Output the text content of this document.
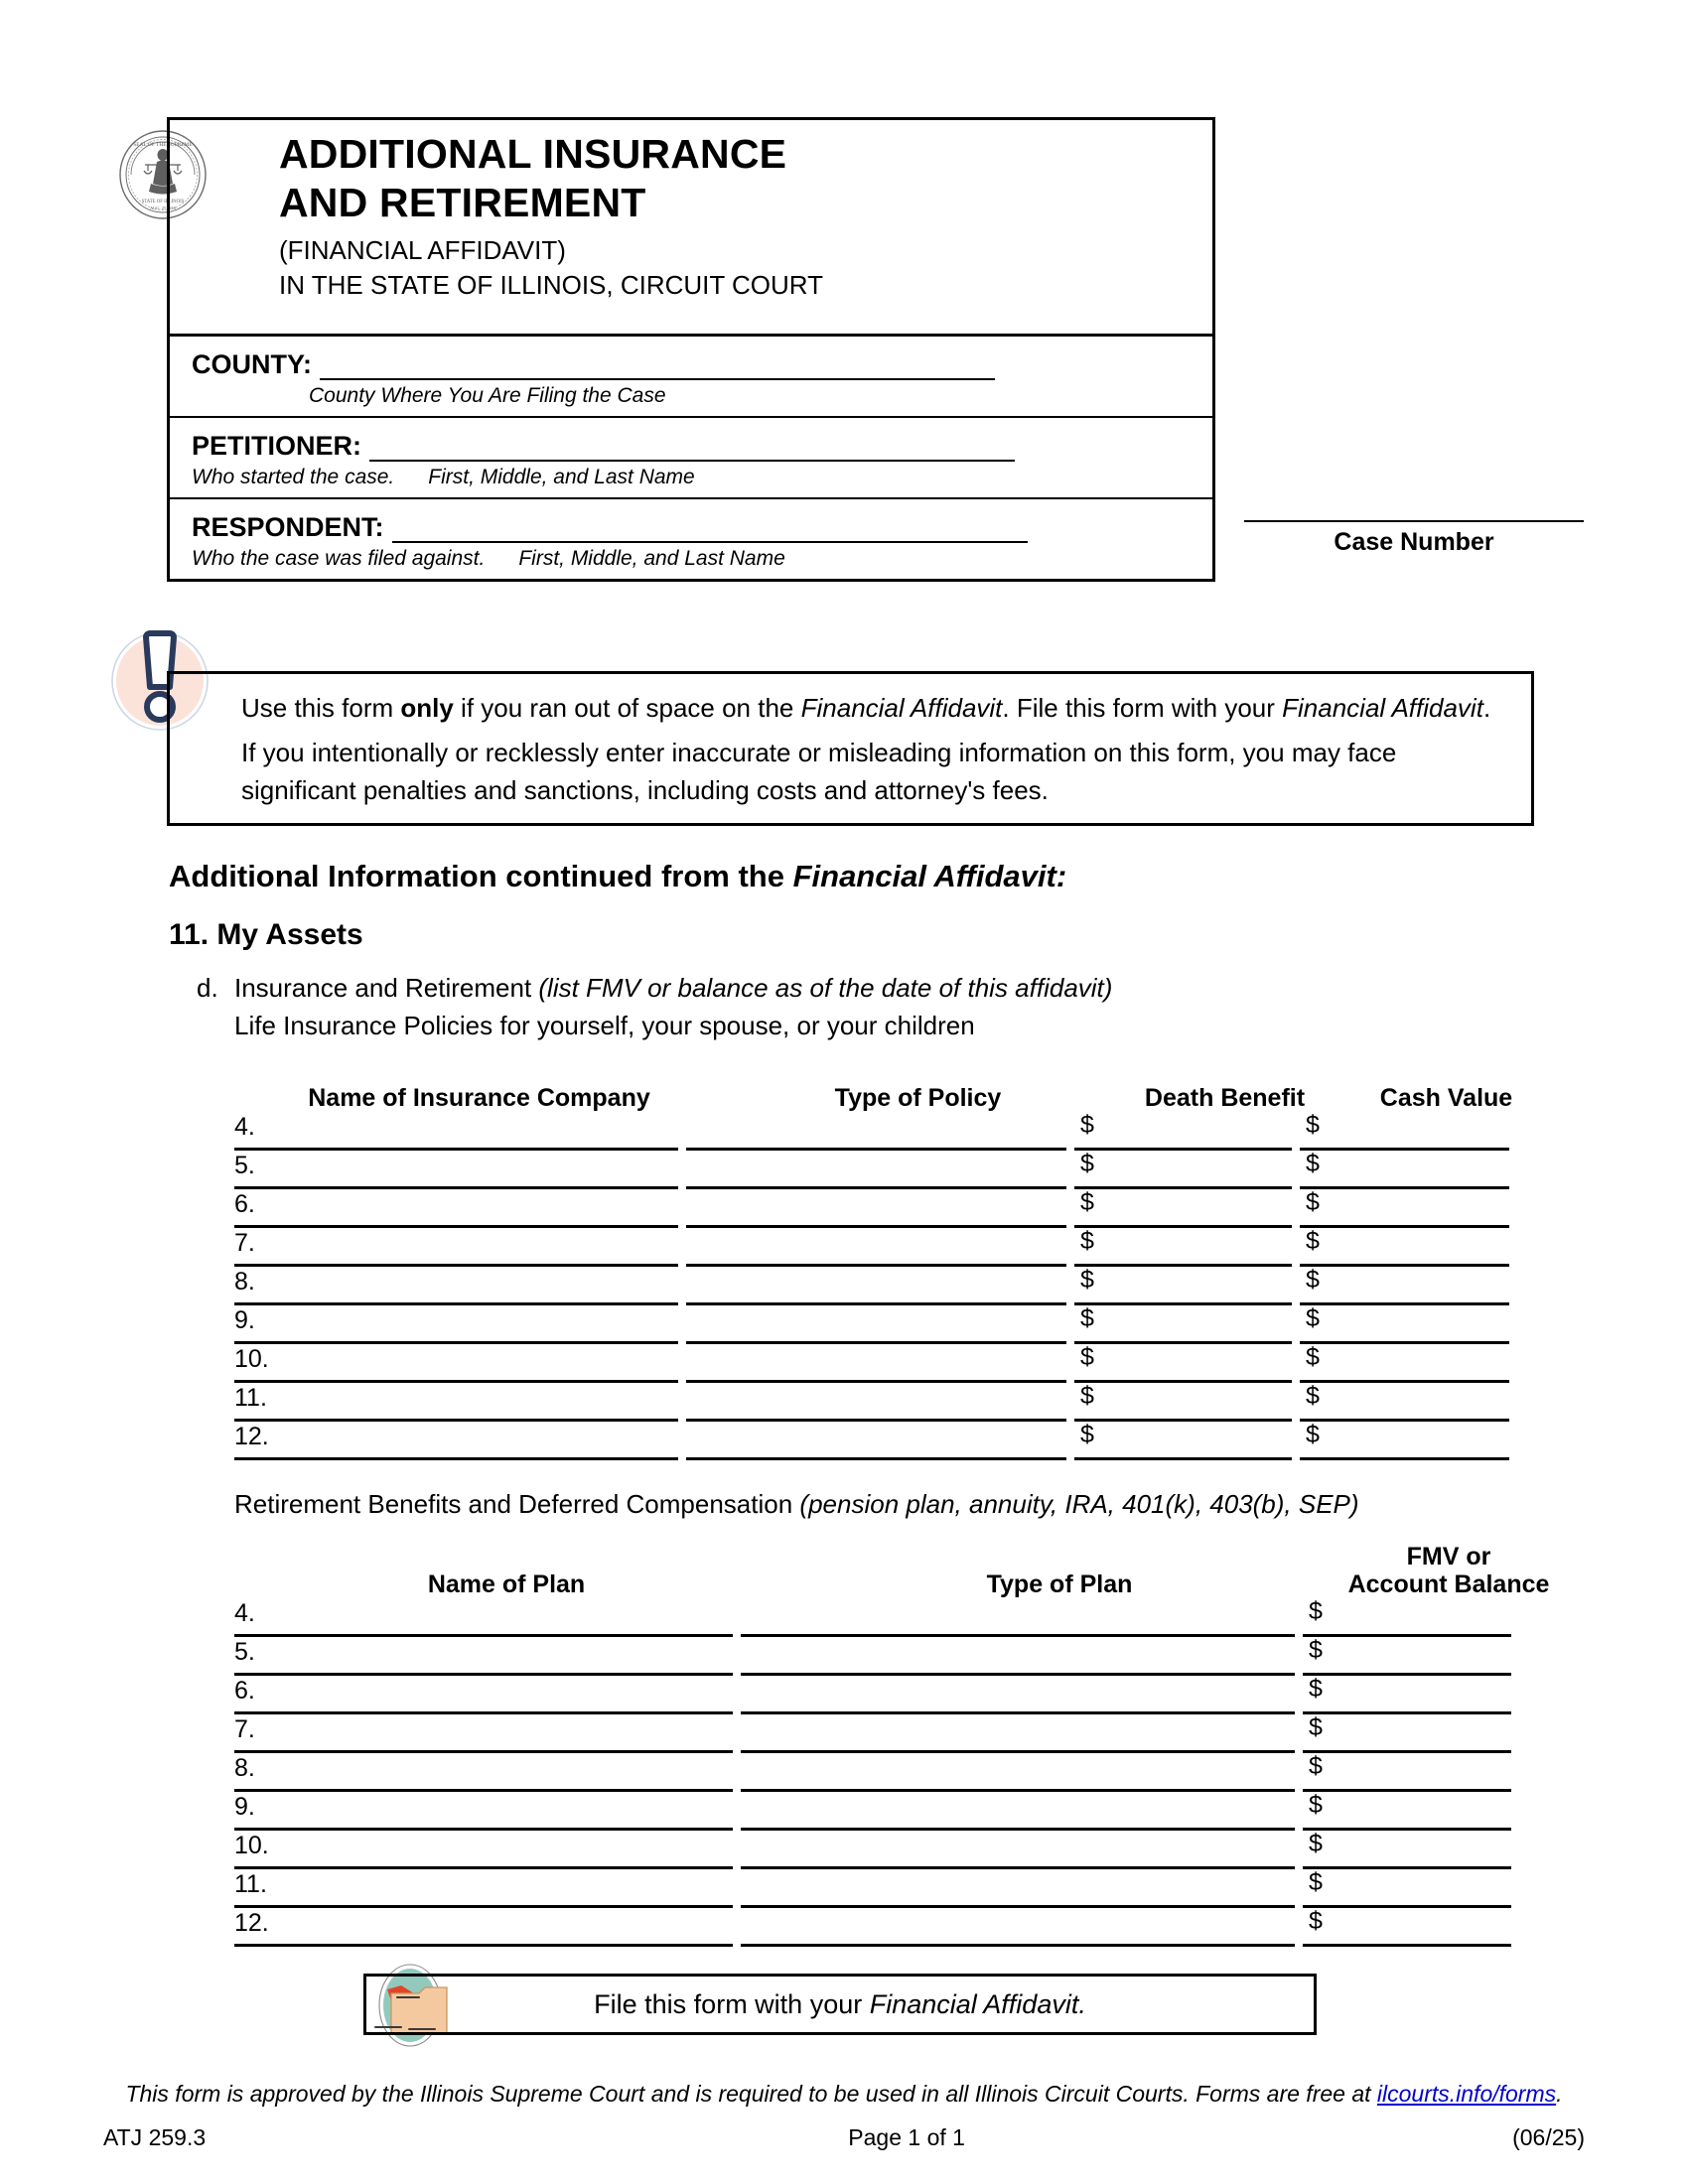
SEAL OF THE SUPREME
STATE OF ILLINOIS
AUG. 25 1818
ADDITIONAL INSURANCE
AND RETIREMENT
(FINANCIAL AFFIDAVIT)
IN THE STATE OF ILLINOIS, CIRCUIT COURT
COUNTY:
County Where You Are Filing the Case
PETITIONER:
Who started the case. First, Middle, and Last Name
RESPONDENT:
Who the case was filed against. First, Middle, and Last Name
Case Number
Use this form only if you ran out of space on the Financial Affidavit. File this form with your Financial Affidavit.
If you intentionally or recklessly enter inaccurate or misleading information on this form, you may face significant penalties and sanctions, including costs and attorney's fees.
Additional Information continued from the Financial Affidavit:
11. My Assets
d. Insurance and Retirement (list FMV or balance as of the date of this affidavit)
Life Insurance Policies for yourself, your spouse, or your children
Name of Insurance Company	Type of Policy	Death Benefit	Cash Value
4.	$	$
5.	$	$
6.	$	$
7.	$	$
8.	$	$
9.	$	$
10.	$	$
11.	$	$
12.	$	$
Retirement Benefits and Deferred Compensation (pension plan, annuity, IRA, 401(k), 403(b), SEP)
Name of Plan	Type of Plan
FMV or
Account Balance
4.	$
5.	$
6.	$
7.	$
8.	$
9.	$
10.	$
11.	$
12.	$
File this form with your Financial Affidavit.
This form is approved by the Illinois Supreme Court and is required to be used in all Illinois Circuit Courts. Forms are free at ilcourts.info/forms.
ATJ 259.3	Page 1 of 1	(06/25)
